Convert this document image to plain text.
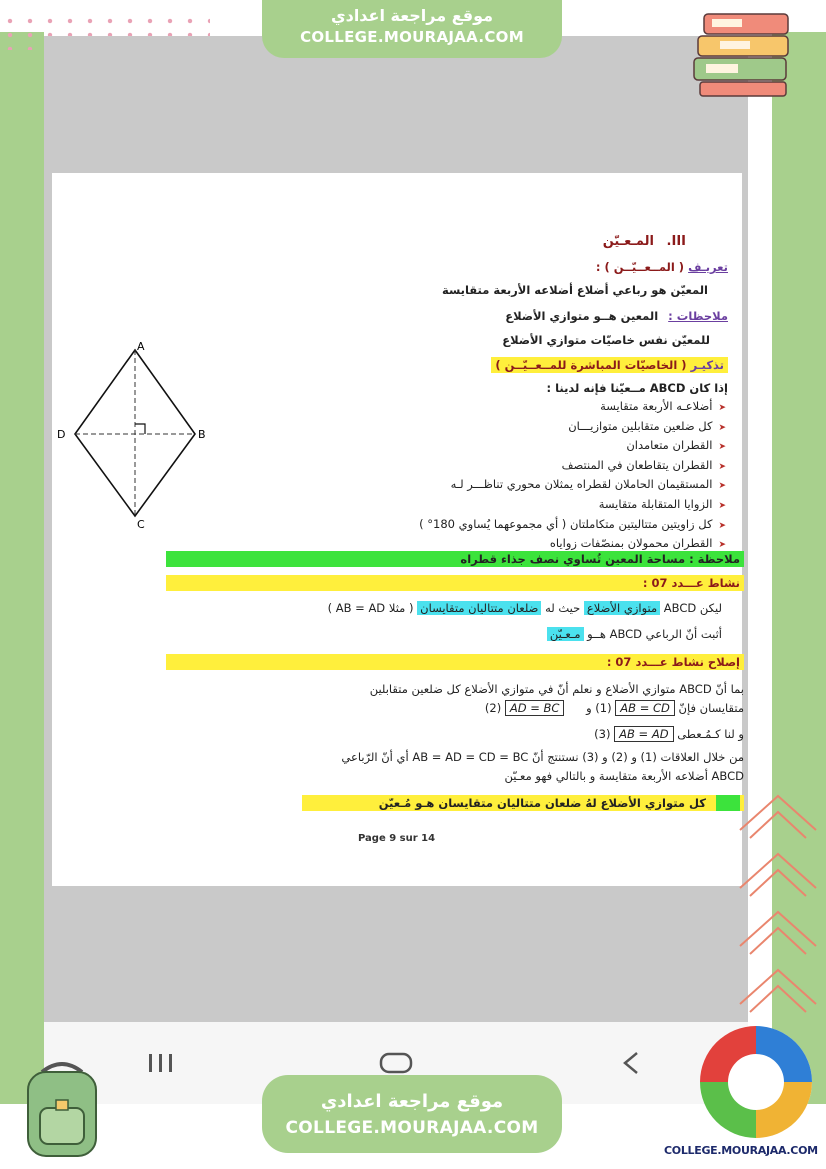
III. المـعـيّن
تعريـف ( المــعــيّــن ) :
المعيّن هو رباعي أضلاع أضلاعه الأربعة متقايسة
ملاحظات : المعين هــو متوازي الأضلاع
للمعيّن نفس خاصيّات متوازي الأضلاع
تذكيـر ( الخاصيّات المباشرة للمــعــيّــن )
إذا كان ABCD مــعيّنا فإنه لدينا :
➤ أضلاعـه الأربعة متقايسة
➤ كل ضلعين متقابلين متوازيـــان
➤ القطران متعامدان
➤ القطران يتقاطعان في المنتصف
➤ المستقيمان الحاملان لقطراه يمثلان محوري تناظـــر لـه
➤ الزوايا المتقابلة متقايسة
➤ كل زاويتين متتاليتين متكاملتان ( أي مجموعهما يُساوي 180° )
➤ القطران محمولان بمنصّفات زواياه
ملاحظة : مساحة المعين تُساوي نصف جذاء قطراه
نشاط عـــدد 07 :
ليكن ABCD متوازي الأضلاع حيث له ضلعان متتاليان متقايسان ( مثلا AB = AD )
أثبت أنّ الرباعي ABCD هــو مـعـيّن
إصلاح نشاط عـــدد 07 :
بما أنّ ABCD متوازي الأضلاع و نعلم أنّ في متوازي الأضلاع كل ضلعين متقابلين
متقايسان فإنّ AB = CD (1) و AD = BC (2)
و لنا كـمُـعطى AB = AD (3)
من خلال العلاقات (1) و (2) و (3) نستنتج أنّ AB = AD = CD = BC أي أنّ الرّباعي
ABCD أضلاعه الأربعة متقايسة و بالتالي فهو معـيّن
كل متوازي الأضلاع لهُ ضلعان متتاليان متقايسان هـو مُـعيّن
Page 9 sur 14
A
B
C
D
موقع مراجعة اعدادي
COLLEGE.MOURAJAA.COM
موقع مراجعة اعدادي
COLLEGE.MOURAJAA.COM
COLLEGE.MOURAJAA.COM
